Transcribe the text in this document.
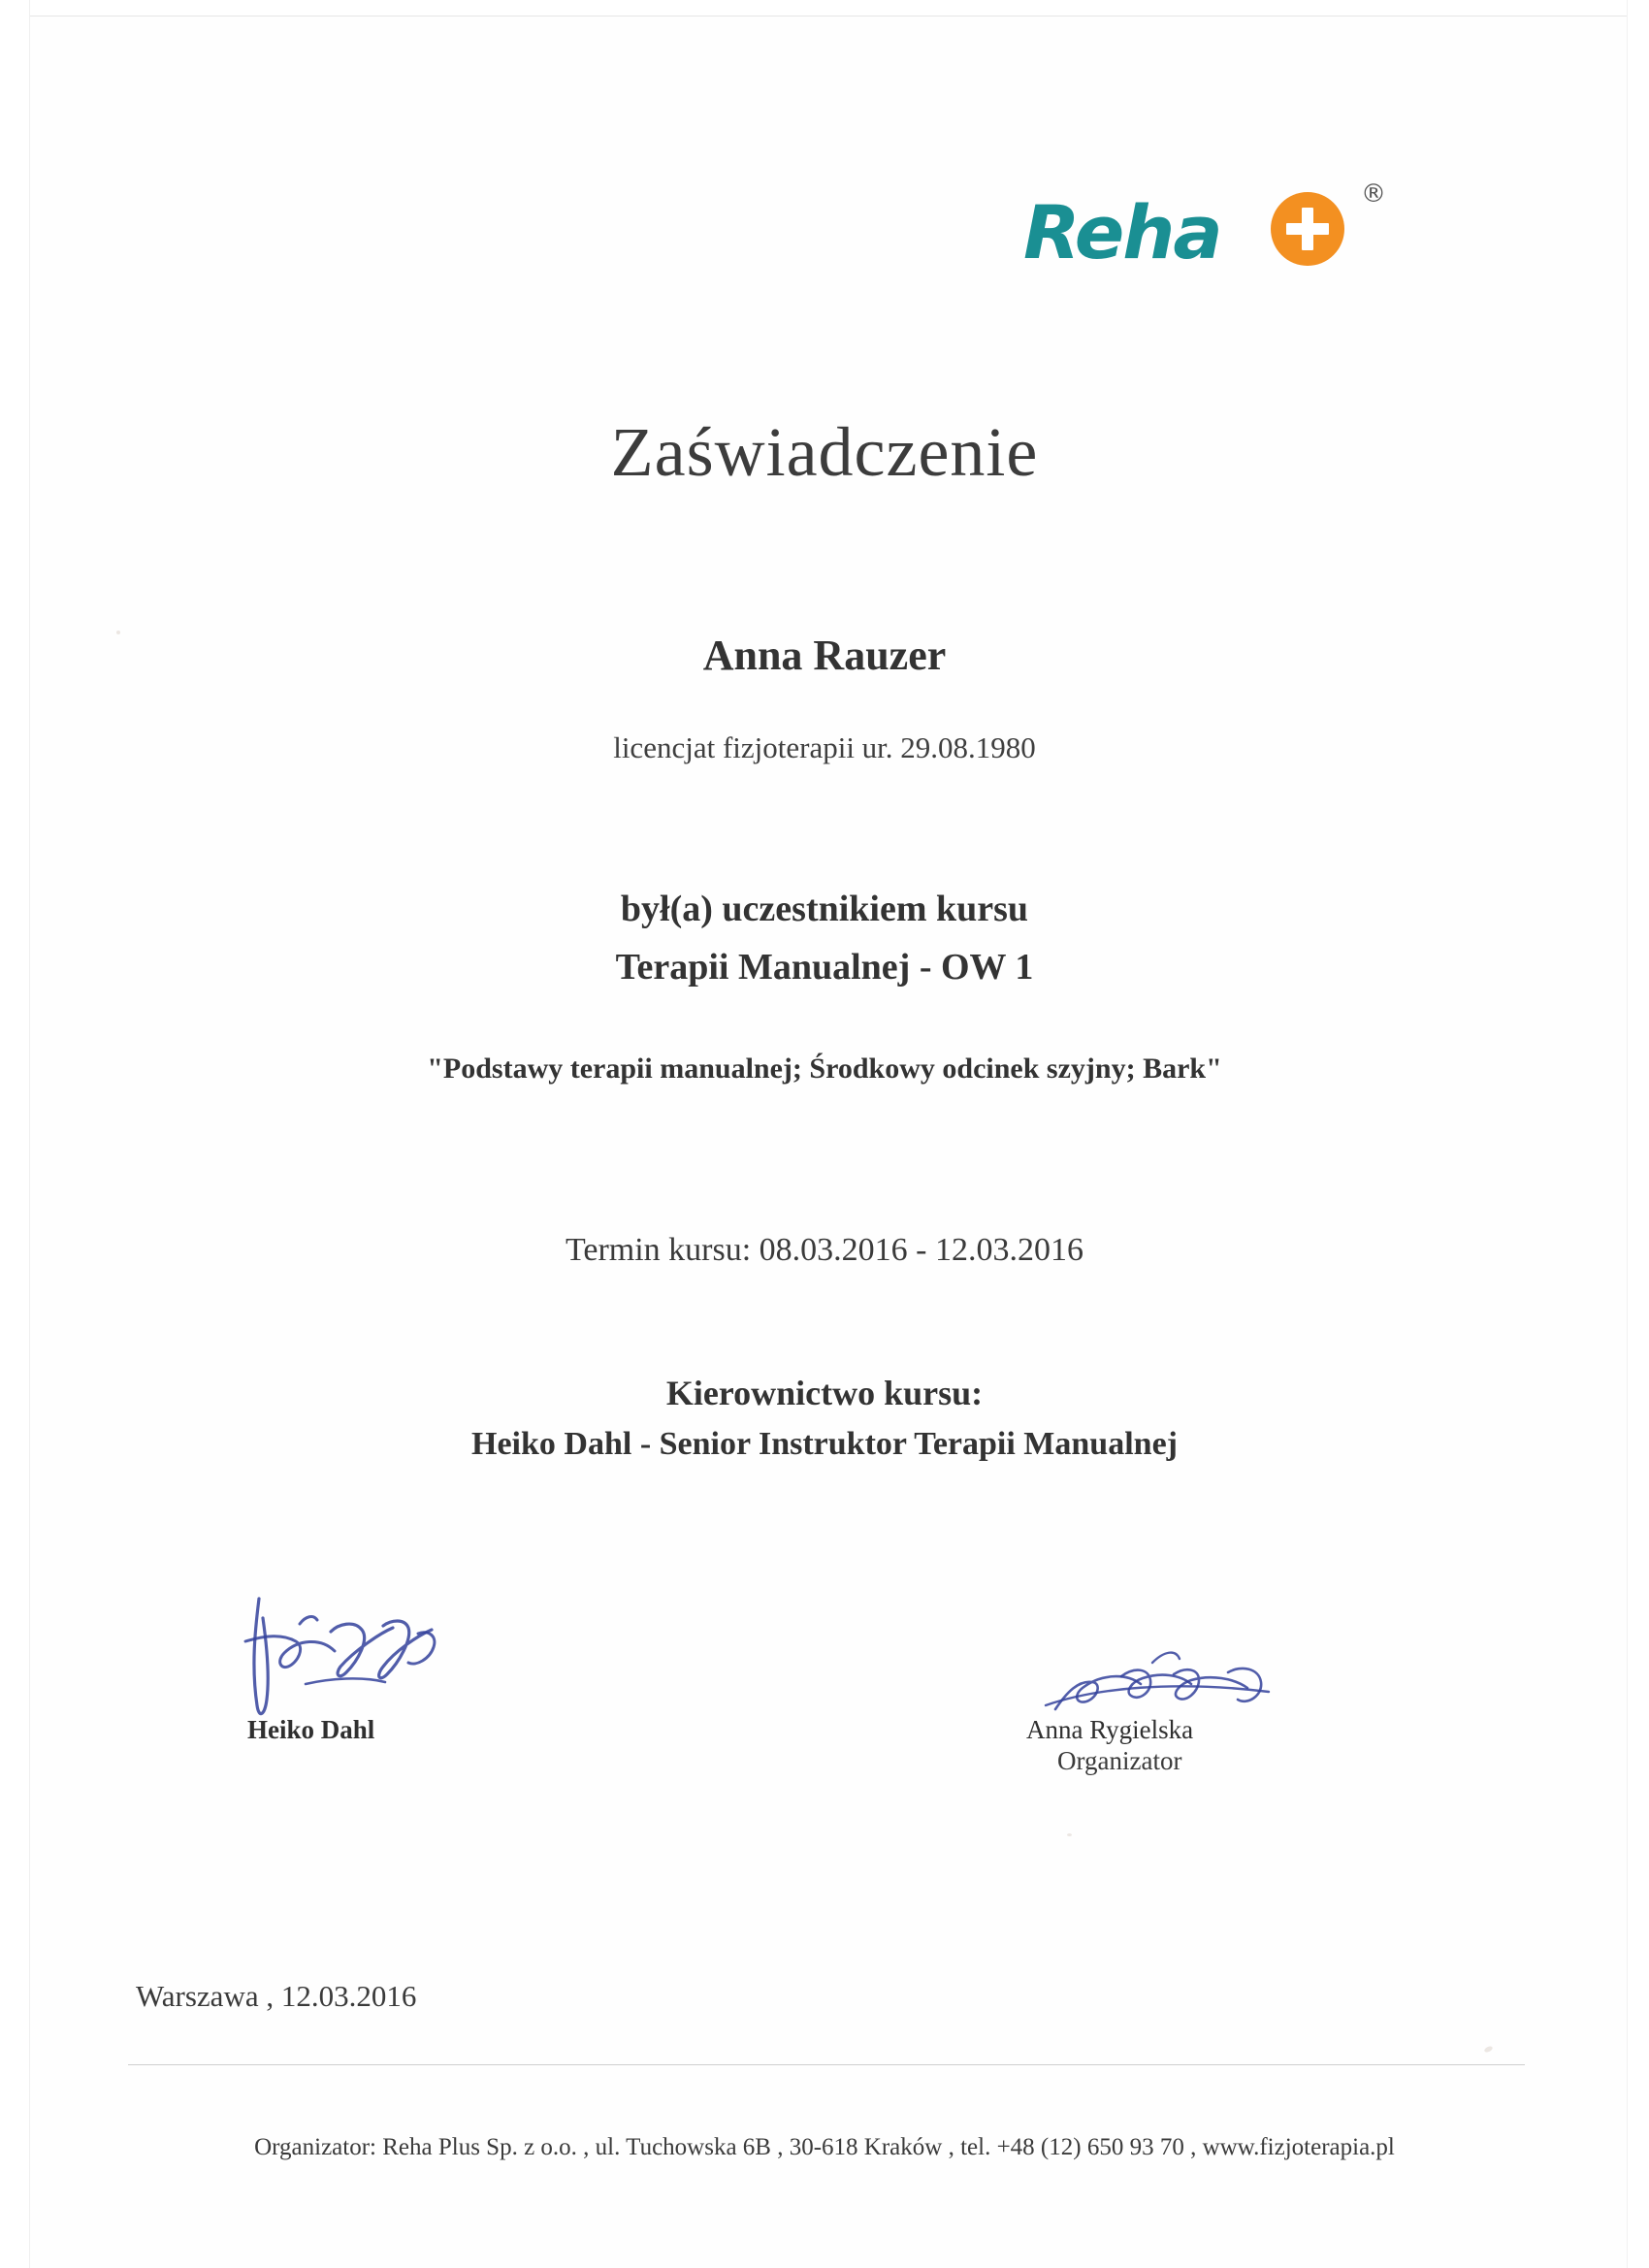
Reha	®
Zaświadczenie
Anna Rauzer
licencjat fizjoterapii ur. 29.08.1980
był(a) uczestnikiem kursu
Terapii Manualnej - OW 1
"Podstawy terapii manualnej; Środkowy odcinek szyjny; Bark"
Termin kursu: 08.03.2016 - 12.03.2016
Kierownictwo kursu:
Heiko Dahl - Senior Instruktor Terapii Manualnej
Heiko Dahl	Anna Rygielska
Organizator
Warszawa , 12.03.2016
Organizator: Reha Plus Sp. z o.o. , ul. Tuchowska 6B , 30-618 Kraków , tel. +48 (12) 650 93 70 , www.fizjoterapia.pl
